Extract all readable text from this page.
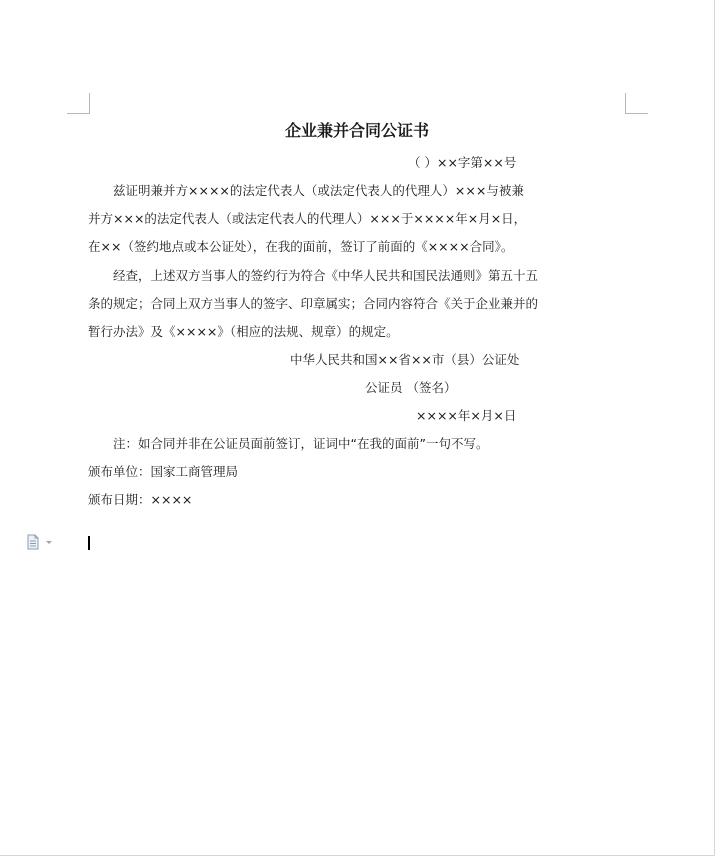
企业兼并合同公证书
（ ）××字第××号
兹证明兼并方××××的法定代表人（或法定代表人的代理人）×××与被兼
并方×××的法定代表人（或法定代表人的代理人）×××于××××年×月×日，
在××（签约地点或本公证处），在我的面前，签订了前面的《××××合同》。
经查，上述双方当事人的签约行为符合《中华人民共和国民法通则》第五十五
条的规定；合同上双方当事人的签字、印章属实；合同内容符合《关于企业兼并的
暂行办法》及《××××》（相应的法规、规章）的规定。
中华人民共和国××省××市（县）公证处
公证员 （签名）
××××年×月×日
注：如合同并非在公证员面前签订，证词中“在我的面前”一句不写。
颁布单位：国家工商管理局
颁布日期：××××
